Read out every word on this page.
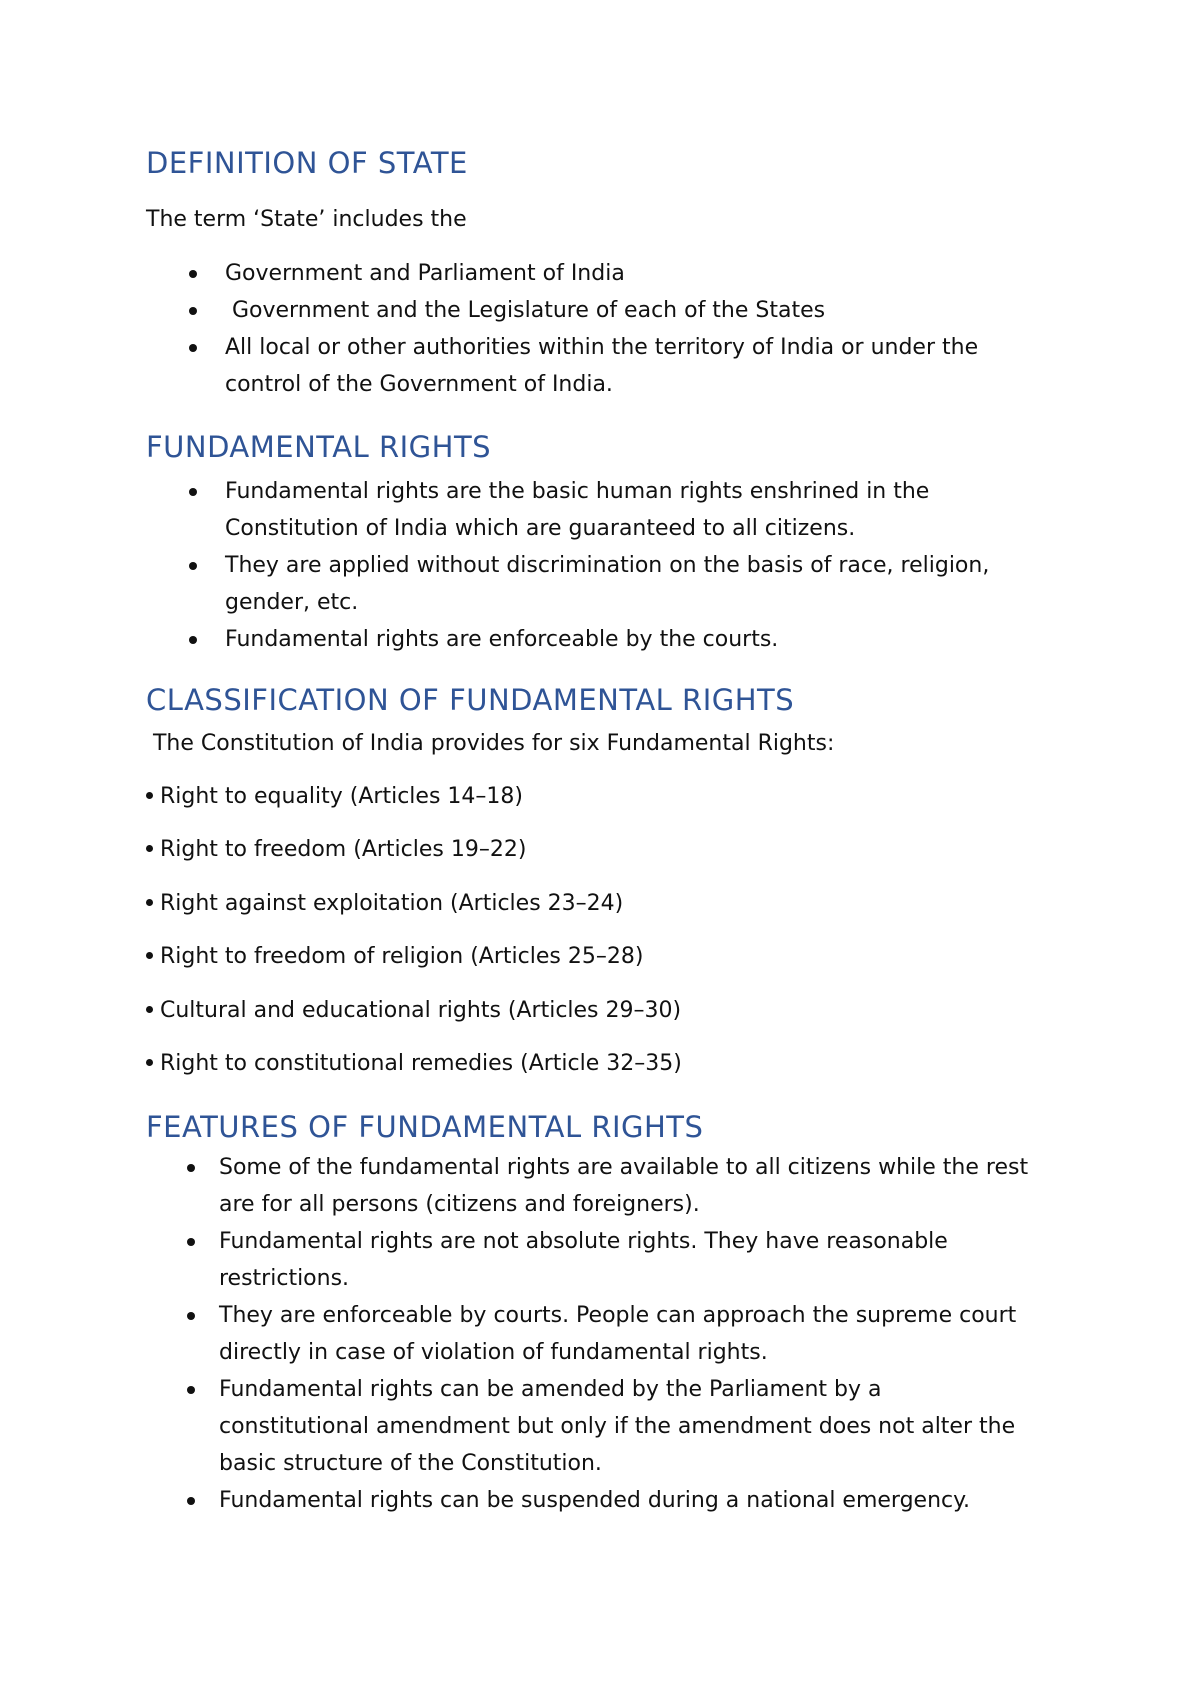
DEFINITION OF STATE

The term ‘State’ includes the

Government and Parliament of India
Government and the Legislature of each of the States
All local or other authorities within the territory of India or under the
control of the Government of India.
FUNDAMENTAL RIGHTS
Fundamental rights are the basic human rights enshrined in the
Constitution of India which are guaranteed to all citizens.
They are applied without discrimination on the basis of race, religion,
gender, etc.
Fundamental rights are enforceable by the courts.
CLASSIFICATION OF FUNDAMENTAL RIGHTS

The Constitution of India provides for six Fundamental Rights:

Right to equality (Articles 14–18)

Right to freedom (Articles 19–22)

Right against exploitation (Articles 23–24)

Right to freedom of religion (Articles 25–28)

Cultural and educational rights (Articles 29–30)

Right to constitutional remedies (Article 32–35)

FEATURES OF FUNDAMENTAL RIGHTS
Some of the fundamental rights are available to all citizens while the rest
are for all persons (citizens and foreigners).
Fundamental rights are not absolute rights. They have reasonable
restrictions.
They are enforceable by courts. People can approach the supreme court
directly in case of violation of fundamental rights.
Fundamental rights can be amended by the Parliament by a
constitutional amendment but only if the amendment does not alter the
basic structure of the Constitution.
Fundamental rights can be suspended during a national emergency.
